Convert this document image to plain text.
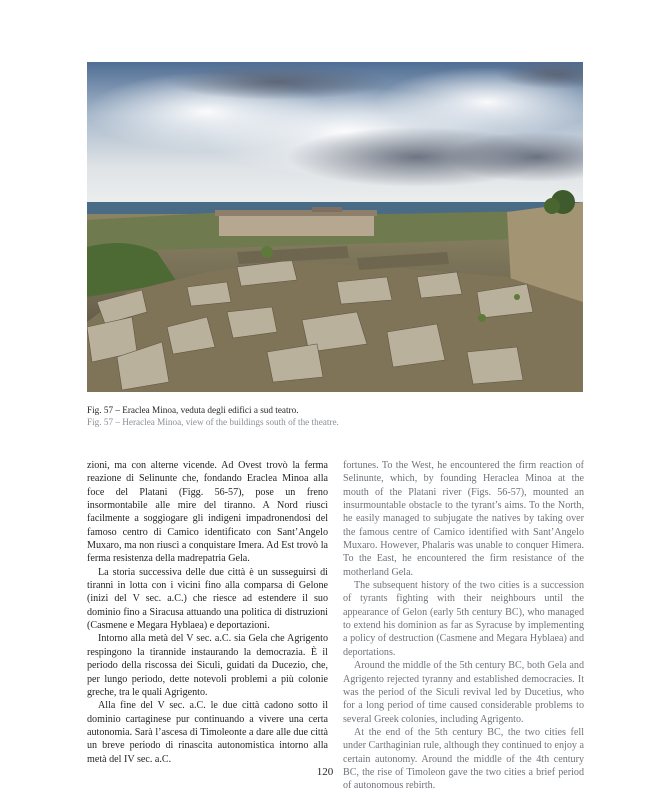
Fig. 57 – Eraclea Minoa, veduta degli edifici a sud teatro.
Fig. 57 – Heraclea Minoa, view of the buildings south of the theatre.

zioni, ma con alterne vicende. Ad Ovest trovò la ferma reazione di Selinunte che, fondando Eraclea Minoa alla foce del Platani (Figg. 56-57), pose un freno insormontabile alle mire del tiranno. A Nord riuscì facilmente a soggiogare gli indigeni impadronendosi del famoso centro di Camico identificato con Sant’Angelo Muxaro, ma non riuscì a conquistare Imera. Ad Est trovò la ferma resistenza della madrepatria Gela.

La storia successiva delle due città è un susseguirsi di tiranni in lotta con i vicini fino alla comparsa di Gelone (inizi del V sec. a.C.) che riesce ad estendere il suo dominio fino a Siracusa attuando una politica di distruzioni (Casmene e Megara Hyblaea) e deportazioni.

Intorno alla metà del V sec. a.C. sia Gela che Agrigento respingono la tirannide instaurando la democrazia. È il periodo della riscossa dei Siculi, guidati da Ducezio, che, per lungo periodo, dette notevoli problemi a più colonie greche, tra le quali Agrigento.

Alla fine del V sec. a.C. le due città cadono sotto il dominio cartaginese pur continuando a vivere una certa autonomia. Sarà l’ascesa di Timoleonte a dare alle due città un breve periodo di rinascita autonomistica intorno alla metà del IV sec. a.C.

fortunes. To the West, he encountered the firm reaction of Selinunte, which, by founding Heraclea Minoa at the mouth of the Platani river (Figs. 56-57), mounted an insurmountable obstacle to the tyrant’s aims. To the North, he easily managed to subjugate the natives by taking over the famous centre of Camico identified with Sant’Angelo Muxaro. However, Phalaris was unable to conquer Himera. To the East, he encountered the firm resistance of the motherland Gela.

The subsequent history of the two cities is a succession of tyrants fighting with their neighbours until the appearance of Gelon (early 5th century BC), who managed to extend his dominion as far as Syracuse by implementing a policy of destruction (Casmene and Megara Hyblaea) and deportations.

Around the middle of the 5th century BC, both Gela and Agrigento rejected tyranny and established democracies. It was the period of the Siculi revival led by Ducetius, who for a long period of time caused considerable problems to several Greek colonies, including Agrigento.

At the end of the 5th century BC, the two cities fell under Carthaginian rule, although they continued to enjoy a certain autonomy. Around the middle of the 4th century BC, the rise of Timoleon gave the two cities a brief period of autonomous rebirth.

120
